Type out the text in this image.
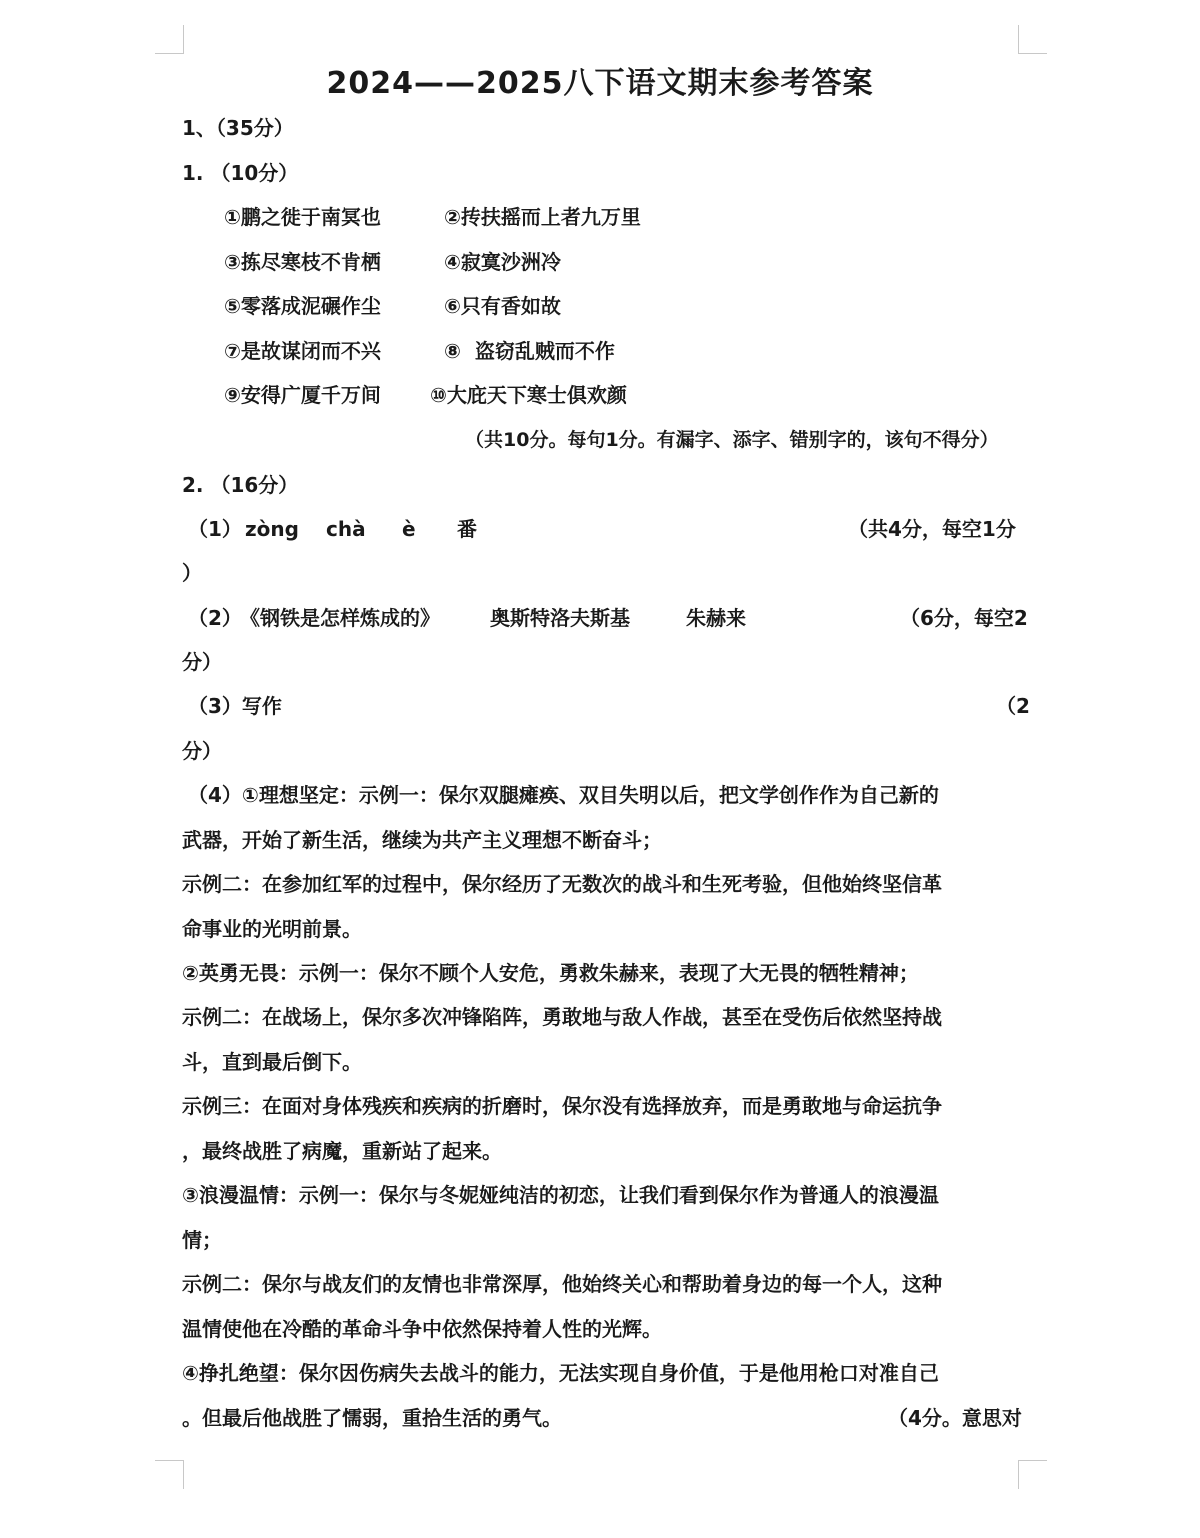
2024——2025八下语文期末参考答案
1、（35分）
1. （10分）
①鹏之徙于南冥也	②抟扶摇而上者九万里
③拣尽寒枝不肯栖	④寂寞沙洲冷
⑤零落成泥碾作尘	⑥只有香如故
⑦是故谋闭而不兴	⑧  盗窃乱贼而不作
⑨安得广厦千万间 ⑩大庇天下寒士俱欢颜
（共10分。每句1分。有漏字、添字、错别字的，该句不得分）
2. （16分）
（1） zòng chà è 番	（共4分，每空1分
）
（2）
《钢铁是怎样炼成的》	奥斯特洛夫斯基	朱赫来	（6分，每空2
分）
（3）写作	（2
分）
（4）①理想坚定：示例一：保尔双腿瘫痪、双目失明以后，把文学创作作为自己新的
武器，开始了新生活，继续为共产主义理想不断奋斗；
示例二：在参加红军的过程中，保尔经历了无数次的战斗和生死考验，但他始终坚信革
命事业的光明前景。
②英勇无畏：示例一：保尔不顾个人安危，勇救朱赫来，表现了大无畏的牺牲精神；
示例二：在战场上，保尔多次冲锋陷阵，勇敢地与敌人作战，甚至在受伤后依然坚持战
斗，直到最后倒下。
示例三：在面对身体残疾和疾病的折磨时，保尔没有选择放弃，而是勇敢地与命运抗争
，最终战胜了病魔，重新站了起来。
③浪漫温情：示例一：保尔与冬妮娅纯洁的初恋，让我们看到保尔作为普通人的浪漫温
情；
示例二：保尔与战友们的友情也非常深厚，他始终关心和帮助着身边的每一个人，这种
温情使他在冷酷的革命斗争中依然保持着人性的光辉。
④挣扎绝望：保尔因伤病失去战斗的能力，无法实现自身价值，于是他用枪口对准自己
。但最后他战胜了懦弱，重拾生活的勇气。	（4分。意思对
